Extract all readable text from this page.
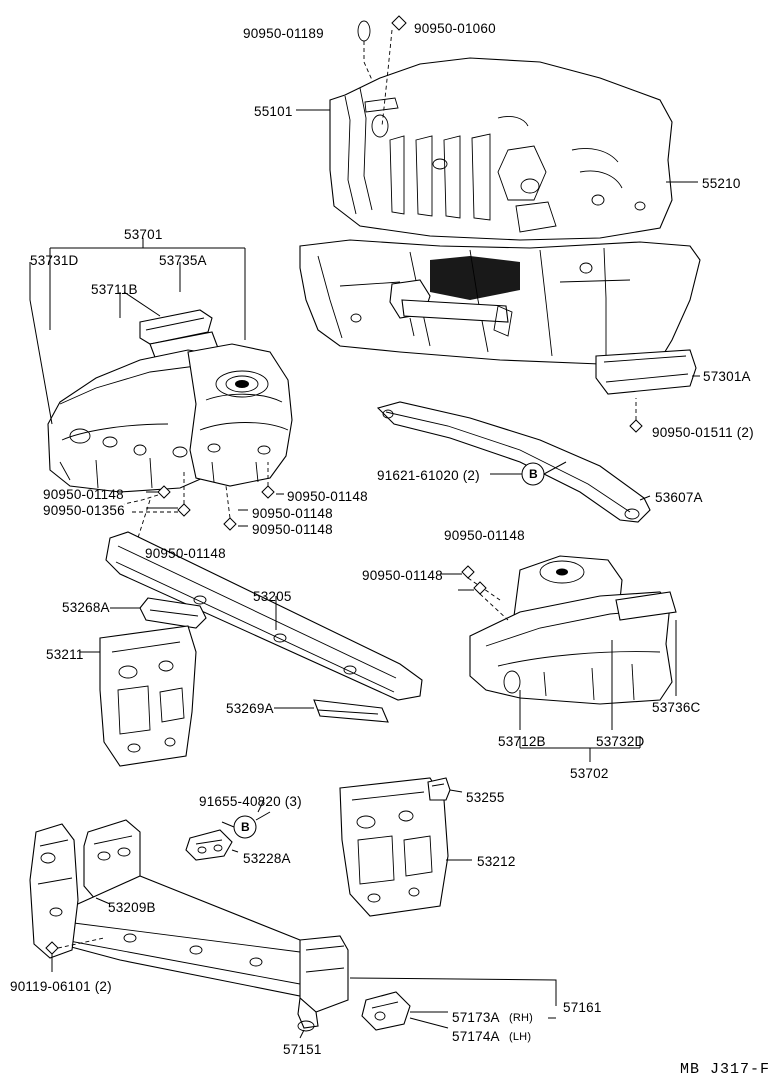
90950-01189	90950-01060
55101
55210
53701
53731D	53735A
53711B
57301A
90950-01511 (2)
91621-61020 (2)
53607A
90950-01148
90950-01356
90950-01148
90950-01148
90950-01148
90950-01148
90950-01148
90950-01148
53205
53268A
53211
53269A	53736C
53712B	53732D
53702
91655-40820 (3)	53255
53228A	53212
53209B
90119-06101 (2)
57161
57151
57173A
57174A
(RH)
(LH)
B
B
MB J317-F
